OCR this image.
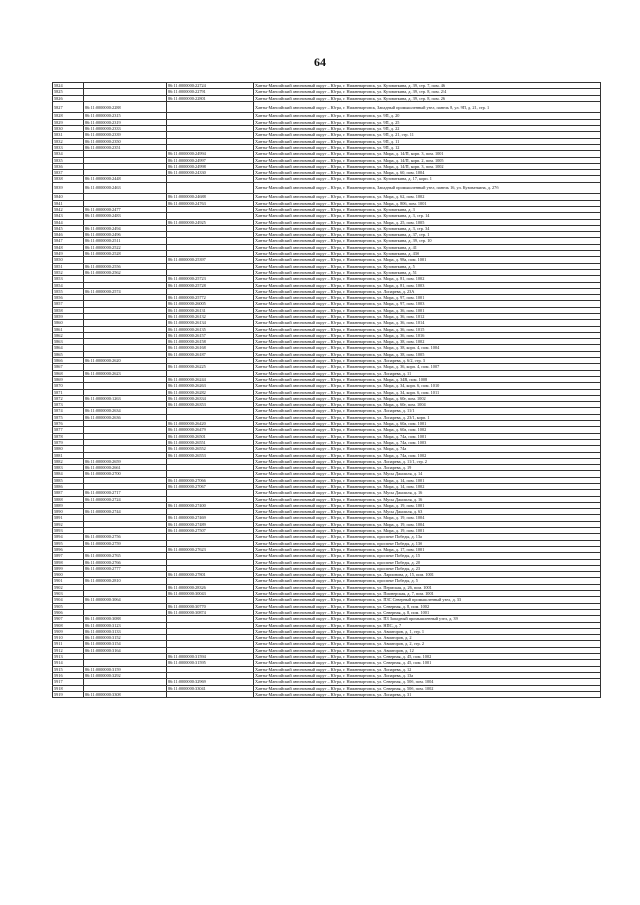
64
5824		86:11:0000000:22724	Ханты-Мансийский автономный округ – Югра, г. Нижневартовск, ул. Кузоваткина, д. 39, стр. 7, пом. 46
5825		86:11:0000000:22791	Ханты-Мансийский автономный округ – Югра, г. Нижневартовск, ул. Кузоваткина, д. 39, стр. 8, пом. 2/4
5826		86:11:0000000:22801	Ханты-Мансийский автономный округ – Югра, г. Нижневартовск, ул. Кузоваткина, д. 39, стр. 8, пом. 26
5827	86:11:0000000:2288		Ханты-Мансийский автономный округ – Югра, г. Нижневартовск, Западный промышленный узел, панель 8, ул. 9П, д. 21, стр. 1
5828	86:11:0000000:2315		Ханты-Мансийский автономный округ – Югра, г. Нижневартовск, ул. 9П, д. 20
5829	86:11:0000000:2319		Ханты-Мансийский автономный округ – Югра, г. Нижневартовск, ул. 9П, д. 25
5830	86:11:0000000:2333		Ханты-Мансийский автономный округ – Югра, г. Нижневартовск, ул. 9П, д. 22
5831	86:11:0000000:2339		Ханты-Мансийский автономный округ – Югра, г. Нижневартовск, ул. 9П, д. 21, стр. 11
5832	86:11:0000000:2350		Ханты-Мансийский автономный округ – Югра, г. Нижневартовск, ул. 9П, д. 11
5833	86:11:0000000:2351		Ханты-Мансийский автономный округ – Югра, г. Нижневартовск, ул. 9П, д. 12
5834		86:11:0000000:24994	Ханты-Мансийский автономный округ – Югра, г. Нижневартовск, ул. Мира, д. 14/П, корп. 3, пом. 1001
5835		86:11:0000000:24997	Ханты-Мансийский автономный округ – Югра, г. Нижневартовск, ул. Мира, д. 14/П, корп. 2, пом. 1005
5836		86:11:0000000:24998	Ханты-Мансийский автономный округ – Югра, г. Нижневартовск, ул. Мира, д. 14/П, корп. 3, пом. 1002
5837		86:11:0000000:24330	Ханты-Мансийский автономный округ – Югра, г. Нижневартовск, ул. Мира, д. 60, пом. 1004
5838	86:11:0000000:2448		Ханты-Мансийский автономный округ – Югра, г. Нижневартовск, ул. Кузоваткина, д. 17, корп. 1
5839	86:11:0000000:2463		Ханты-Мансийский автономный округ – Югра, г. Нижневартовск, Западный промышленный узел, панель 16, ул. Кузоваткина, д. 27б
5840		86:11:0000000:24688	Ханты-Мансийский автономный округ – Югра, г. Нижневартовск, ул. Мира, д. 62, пом. 1002
5841		86:11:0000000:24763	Ханты-Мансийский автономный округ – Югра, г. Нижневартовск, ул. Мира, д. 806, пом. 1001
5842	86:11:0000000:2477		Ханты-Мансийский автономный округ – Югра, г. Нижневартовск, ул. Кузоваткина, д. 3
5843	86:11:0000000:2483		Ханты-Мансийский автономный округ – Югра, г. Нижневартовск, ул. Кузоваткина, д. 3, стр. 14
5844		86:11:0000000:24925	Ханты-Мансийский автономный округ – Югра, г. Нижневартовск, ул. Мира, д. 25, пом. 1005
5845	86:11:0000000:2494		Ханты-Мансийский автономный округ – Югра, г. Нижневартовск, ул. Кузоваткина, д. 3, стр. 34
5846	86:11:0000000:2496		Ханты-Мансийский автономный округ – Югра, г. Нижневартовск, ул. Кузоваткина, д. 37, стр. 1
5847	86:11:0000000:2511		Ханты-Мансийский автономный округ – Югра, г. Нижневартовск, ул. Кузоваткина, д. 39, стр. 10
5848	86:11:0000000:2522		Ханты-Мансийский автономный округ – Югра, г. Нижневартовск, ул. Кузоваткина, д. 41
5849	86:11:0000000:2528		Ханты-Мансийский автономный округ – Югра, г. Нижневартовск, ул. Кузоваткина, д. 43б
5850		86:11:0000000:25397	Ханты-Мансийский автономный округ – Югра, г. Нижневартовск, ул. Мира, д. 98а, пом. 1001
5851	86:11:0000000:2556		Ханты-Мансийский автономный округ – Югра, г. Нижневартовск, ул. Кузоваткина, д. 5
5852	86:11:0000000:2562		Ханты-Мансийский автономный округ – Югра, г. Нижневартовск, ул. Кузоваткина, д. 51
5853		86:11:0000000:25723	Ханты-Мансийский автономный округ – Югра, г. Нижневартовск, ул. Мира, д. 81, пом. 1002
5854		86:11:0000000:25728	Ханты-Мансийский автономный округ – Югра, г. Нижневартовск, ул. Мира, д. 81, пом. 1003
5855	86:11:0000000:2574		Ханты-Мансийский автономный округ – Югра, г. Нижневартовск, ул. Лопарева, д. 23А
5856		86:11:0000000:25772	Ханты-Мансийский автономный округ – Югра, г. Нижневартовск, ул. Мира, д. 97, пом. 1001
5857		86:11:0000000:26005	Ханты-Мансийский автономный округ – Югра, г. Нижневартовск, ул. Мира, д. 97, пом. 1003
5858		86:11:0000000:26131	Ханты-Мансийский автономный округ – Югра, г. Нижневартовск, ул. Мира, д. 36, пом. 1001
5859		86:11:0000000:26132	Ханты-Мансийский автономный округ – Югра, г. Нижневартовск, ул. Мира, д. 36, пом. 1012
5860		86:11:0000000:26134	Ханты-Мансийский автономный округ – Югра, г. Нижневартовск, ул. Мира, д. 36, пом. 1014
5861		86:11:0000000:26135	Ханты-Мансийский автономный округ – Югра, г. Нижневартовск, ул. Мира, д. 36, пом. 1015
5862		86:11:0000000:26157	Ханты-Мансийский автономный округ – Югра, г. Нижневартовск, ул. Мира, д. 36, пом. 1016
5863		86:11:0000000:26158	Ханты-Мансийский автономный округ – Югра, г. Нижневартовск, ул. Мира, д. 38, пом. 1002
5864		86:11:0000000:26168	Ханты-Мансийский автономный округ – Югра, г. Нижневартовск, ул. Мира, д. 38, корп. 4, пом. 1004
5865		86:11:0000000:26187	Ханты-Мансийский автономный округ – Югра, г. Нижневартовск, ул. Мира, д. 38, пом. 1005
5866	86:11:0000000:2620		Ханты-Мансийский автономный округ – Югра, г. Нижневартовск, ул. Лопарева, д. 6/2, стр. 3
5867		86:11:0000000:26225	Ханты-Мансийский автономный округ – Югра, г. Нижневартовск, ул. Мира, д. 36, корп. 4, пом. 1007
5868	86:11:0000000:2623		Ханты-Мансийский автономный округ – Югра, г. Нижневартовск, ул. Лопарева, д. 11
5869		86:11:0000000:26244	Ханты-Мансийский автономный округ – Югра, г. Нижневартовск, ул. Мира, д. 34В, пом. 1008
5870		86:11:0000000:26263	Ханты-Мансийский автономный округ – Югра, г. Нижневартовск, ул. Мира, д. 34, корп. 6, пом. 1010
5871		86:11:0000000:26282	Ханты-Мансийский автономный округ – Югра, г. Нижневартовск, ул. Мира, д. 34, корп. 6, пом. 1011
5872	86:11:0000000:1263	86:11:0000000:26334	Ханты-Мансийский автономный округ – Югра, г. Нижневартовск, ул. Мира, д. 60г, пом. 1002
5873		86:11:0000000:26353	Ханты-Мансийский автономный округ – Югра, г. Нижневартовск, ул. Мира, д. 60г, пом. 1004
5874	86:11:0000000:2634		Ханты-Мансийский автономный округ – Югра, г. Нижневартовск, ул. Лопарева, д. 11/1
5875	86:11:0000000:2636		Ханты-Мансийский автономный округ – Югра, г. Нижневартовск, ул. Лопарева, д. 23/1, корп. 1
5876		86:11:0000000:26420	Ханты-Мансийский автономный округ – Югра, г. Нижневартовск, ул. Мира, д. 60а, пом. 1001
5877		86:11:0000000:26479	Ханты-Мансийский автономный округ – Югра, г. Нижневартовск, ул. Мира, д. 60а, пом. 1002
5878		86:11:0000000:26501	Ханты-Мансийский автономный округ – Югра, г. Нижневартовск, ул. Мира, д. 74а, пом. 1001
5879		86:11:0000000:26551	Ханты-Мансийский автономный округ – Югра, г. Нижневартовск, ул. Мира, д. 74а, пом. 1003
5880		86:11:0000000:26552	Ханты-Мансийский автономный округ – Югра, г. Нижневартовск, ул. Мира, д. 74а
5881		86:11:0000000:26553	Ханты-Мансийский автономный округ – Югра, г. Нижневартовск, ул. Мира, д. 74а, пом. 1002
5882	86:11:0000000:2659		Ханты-Мансийский автономный округ – Югра, г. Нижневартовск, ул. Лопарева, д. 11/1, стр. 2
5883	86:11:0000000:2661		Ханты-Мансийский автономный округ – Югра, г. Нижневартовск, ул. Лопарева, д. 19
5884	86:11:0000000:2700		Ханты-Мансийский автономный округ – Югра, г. Нижневартовск, ул. Мусы Джалиля, д. 14
5885		86:11:0000000:27066	Ханты-Мансийский автономный округ – Югра, г. Нижневартовск, ул. Мира, д. 14, пом. 1001
5886		86:11:0000000:27067	Ханты-Мансийский автономный округ – Югра, г. Нижневартовск, ул. Мира, д. 14, пом. 1002
5887	86:11:0000000:2717		Ханты-Мансийский автономный округ – Югра, г. Нижневартовск, ул. Мусы Джалиля, д. 16
5888	86:11:0000000:2724		Ханты-Мансийский автономный округ – Югра, г. Нижневартовск, ул. Мусы Джалиля, д. 16
5889		86:11:0000000:27400	Ханты-Мансийский автономный округ – Югра, г. Нижневартовск, ул. Мира, д. 19, пом. 1001
5890	86:11:0000000:2744		Ханты-Мансийский автономный округ – Югра, г. Нижневартовск, ул. Мусы Джалиля, д. 63
5891		86:11:0000000:27469	Ханты-Мансийский автономный округ – Югра, г. Нижневартовск, ул. Мира, д. 19, пом. 1004
5892		86:11:0000000:27489	Ханты-Мансийский автономный округ – Югра, г. Нижневартовск, ул. Мира, д. 19, пом. 1004
5893		86:11:0000000:27507	Ханты-Мансийский автономный округ – Югра, г. Нижневартовск, ул. Мира, д. 19, пом. 1001
5894	86:11:0000000:2756		Ханты-Мансийский автономный округ – Югра, г. Нижневартовск, проспект Победы, д. 13а
5895	86:11:0000000:2759		Ханты-Мансийский автономный округ – Югра, г. Нижневартовск, проспект Победы, д. 13б
5896		86:11:0000000:27623	Ханты-Мансийский автономный округ – Югра, г. Нижневартовск, ул. Мира, д. 17, пом. 1001
5897	86:11:0000000:2765		Ханты-Мансийский автономный округ – Югра, г. Нижневартовск, проспект Победы, д. 15
5898	86:11:0000000:2766		Ханты-Мансийский автономный округ – Югра, г. Нижневартовск, проспект Победы, д. 20
5899	86:11:0000000:2777		Ханты-Мансийский автономный округ – Югра, г. Нижневартовск, проспект Победы, д. 23
5900		86:11:0000000:27801	Ханты-Мансийский автономный округ – Югра, г. Нижневартовск, ул. Ларионова, д. 15, пом. 1001
5901	86:11:0000000:2810		Ханты-Мансийский автономный округ – Югра, г. Нижневартовск, проспект Победы, д. 5
5902		86:11:0000000:28326	Ханты-Мансийский автономный округ – Югра, г. Нижневартовск, ул. Пермская, д. 26, пом. 1001
5903		86:11:0000000:30043	Ханты-Мансийский автономный округ – Югра, г. Нижневартовск, ул. Пионерская, д. 7, пом. 1001
5904	86:11:0000000:3064		Ханты-Мансийский автономный округ – Югра, г. Нижневартовск, ул. ПЗС Северный промышленный узел, д. 33
5905		86:11:0000000:30770	Ханты-Мансийский автономный округ – Югра, г. Нижневартовск, ул. Северная, д. 8, пом. 1002
5906		86:11:0000000:30874	Ханты-Мансийский автономный округ – Югра, г. Нижневартовск, ул. Северная, д. 8, пом. 1001
5907	86:11:0000000:3088		Ханты-Мансийский автономный округ – Югра, г. Нижневартовск, ул. ПЗ Западный промышленный узел, д. 39
5908	86:11:0000000:3123		Ханты-Мансийский автономный округ – Югра, г. Нижневартовск, ул. НПС, д. 7
5909	86:11:0000000:3133		Ханты-Мансийский автономный округ – Югра, г. Нижневартовск, ул. Авиаторов, д. 1, стр. 1
5910	86:11:0000000:3152		Ханты-Мансийский автономный округ – Югра, г. Нижневартовск, ул. Авиаторов, д. 2
5911	86:11:0000000:3154		Ханты-Мансийский автономный округ – Югра, г. Нижневартовск, ул. Авиаторов, д. 2, стр. 2
5912	86:11:0000000:3164		Ханты-Мансийский автономный округ – Югра, г. Нижневартовск, ул. Авиаторов, д. 12
5913		86:11:0000000:31594	Ханты-Мансийский автономный округ – Югра, г. Нижневартовск, ул. Северная, д. 45, пом. 1002
5914		86:11:0000000:31595	Ханты-Мансийский автономный округ – Югра, г. Нижневартовск, ул. Северная, д. 45, пом. 1001
5915	86:11:0000000:3159		Ханты-Мансийский автономный округ – Югра, г. Нижневартовск, ул. Лопарева, д. 12
5916	86:11:0000000:3292		Ханты-Мансийский автономный округ – Югра, г. Нижневартовск, ул. Лопарева, д. 13а
5917		86:11:0000000:32969	Ханты-Мансийский автономный округ – Югра, г. Нижневартовск, ул. Северная, д. 50б, пом. 1004
5918		86:11:0000000:33041	Ханты-Мансийский автономный округ – Югра, г. Нижневартовск, ул. Северная, д. 50б, пом. 1002
5919	86:11:0000000:3308		Ханты-Мансийский автономный округ – Югра, г. Нижневартовск, ул. Лопарева, д. 31
